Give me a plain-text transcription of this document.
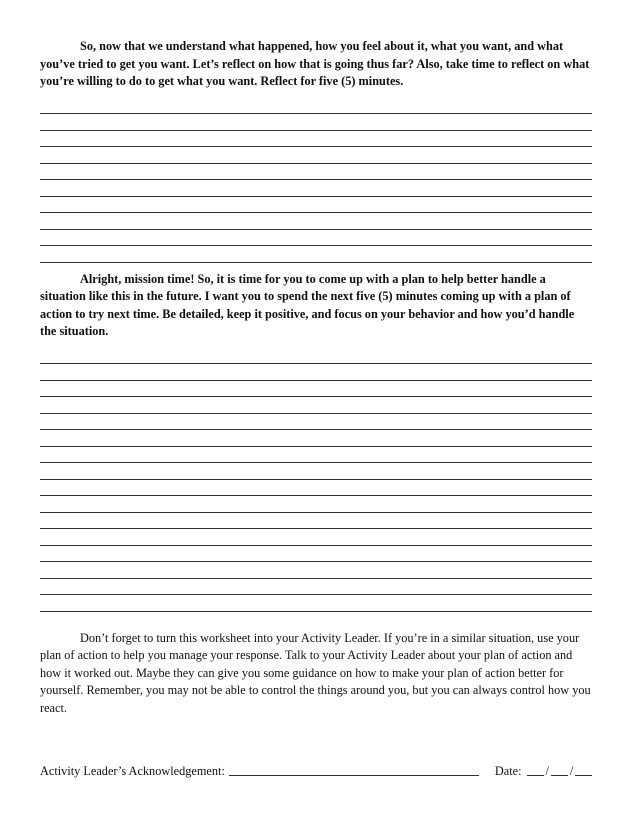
So, now that we understand what happened, how you feel about it, what you want, and what you’ve tried to get you want. Let’s reflect on how that is going thus far? Also, take time to reflect on what you’re willing to do to get what you want. Reflect for five (5) minutes.

Alright, mission time! So, it is time for you to come up with a plan to help better handle a situation like this in the future. I want you to spend the next five (5) minutes coming up with a plan of action to try next time. Be detailed, keep it positive, and focus on your behavior and how you’d handle the situation.

Don’t forget to turn this worksheet into your Activity Leader. If you’re in a similar situation, use your plan of action to help you manage your response. Talk to your Activity Leader about your plan of action and how it worked out. Maybe they can give you some guidance on how to make your plan of action better for yourself. Remember, you may not be able to control the things around you, but you can always control how you react.

Activity Leader’s Acknowledgement:	Date: / /
